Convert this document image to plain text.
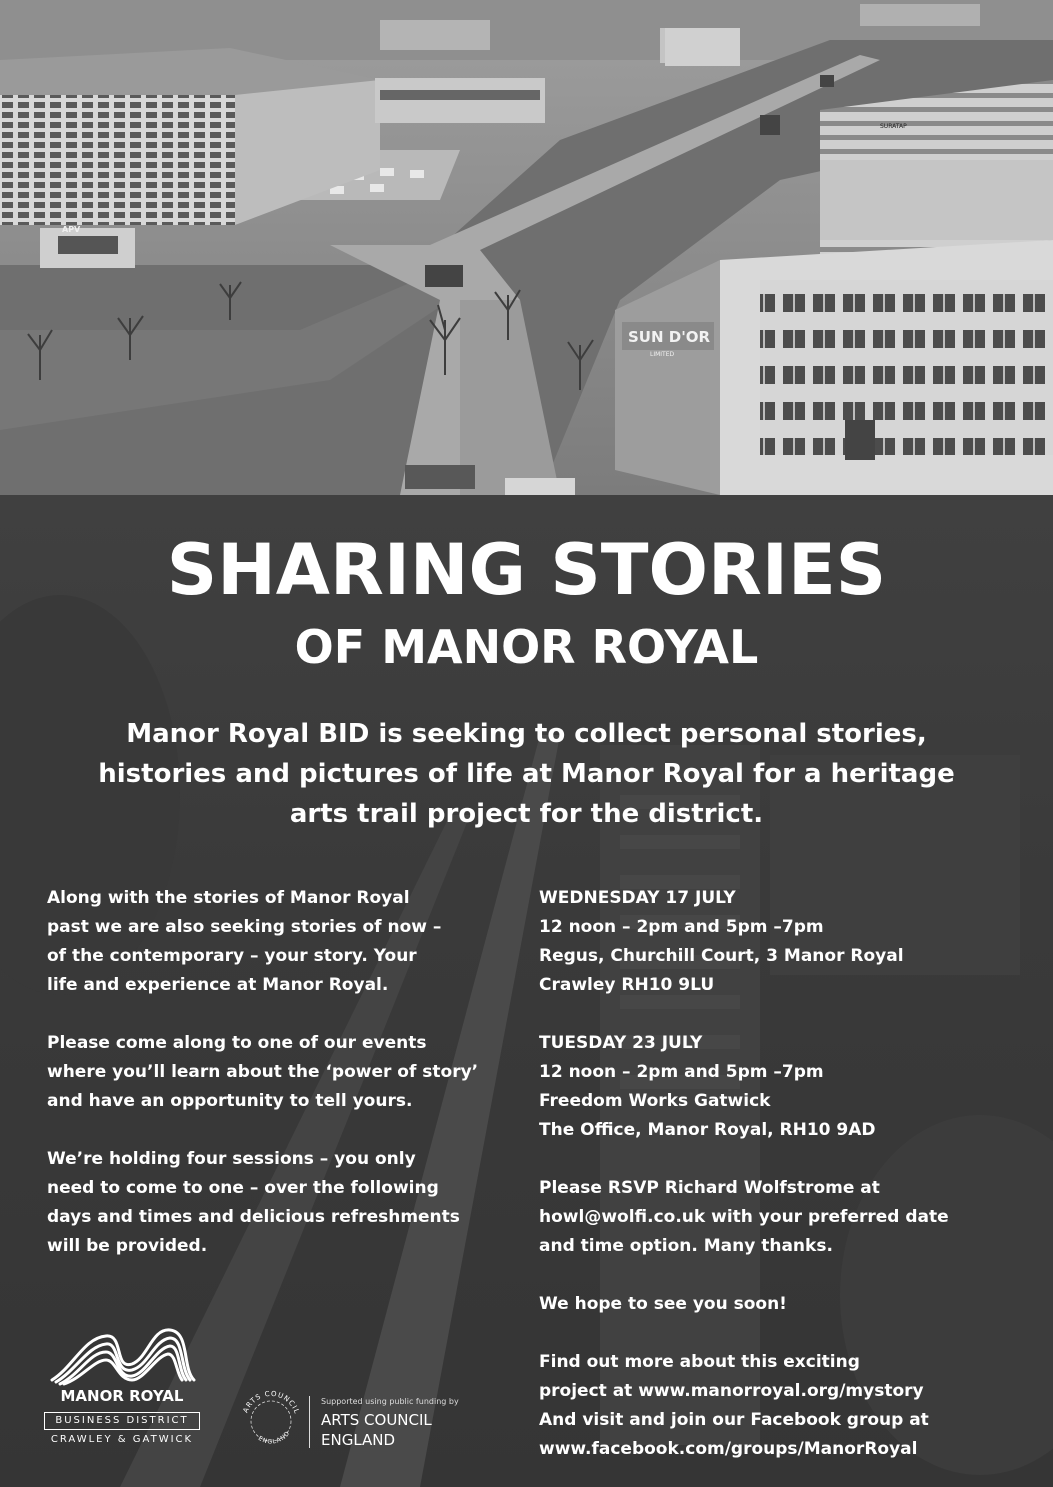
SUN D'OR
LIMITED
APV
SURATAP
SHARING STORIES
OF MANOR ROYAL
Manor Royal BID is seeking to collect personal stories,
histories and pictures of life at Manor Royal for a heritage
arts trail project for the district.

Along with the stories of Manor Royal
past we are also seeking stories of now –
of the contemporary – your story. Your
life and experience at Manor Royal.

Please come along to one of our events
where you’ll learn about the ‘power of story’
and have an opportunity to tell yours.

We’re holding four sessions – you only
need to come to one – over the following
days and times and delicious refreshments
will be provided.

WEDNESDAY 17 JULY
12 noon – 2pm and 5pm –7pm
Regus, Churchill Court, 3 Manor Royal
Crawley RH10 9LU

TUESDAY 23 JULY
12 noon – 2pm and 5pm –7pm
Freedom Works Gatwick
The Office, Manor Royal, RH10 9AD

Please RSVP Richard Wolfstrome at
howl@wolfi.co.uk with your preferred date
and time option. Many thanks.

We hope to see you soon!

Find out more about this exciting
project at www.manorroyal.org/mystory
And visit and join our Facebook group at
www.facebook.com/groups/ManorRoyal

MANOR ROYAL
BUSINESS DISTRICT
CRAWLEY & GATWICK
ARTS COUNCIL
ENGLAND
Supported using public funding by
ARTS COUNCIL
ENGLAND
